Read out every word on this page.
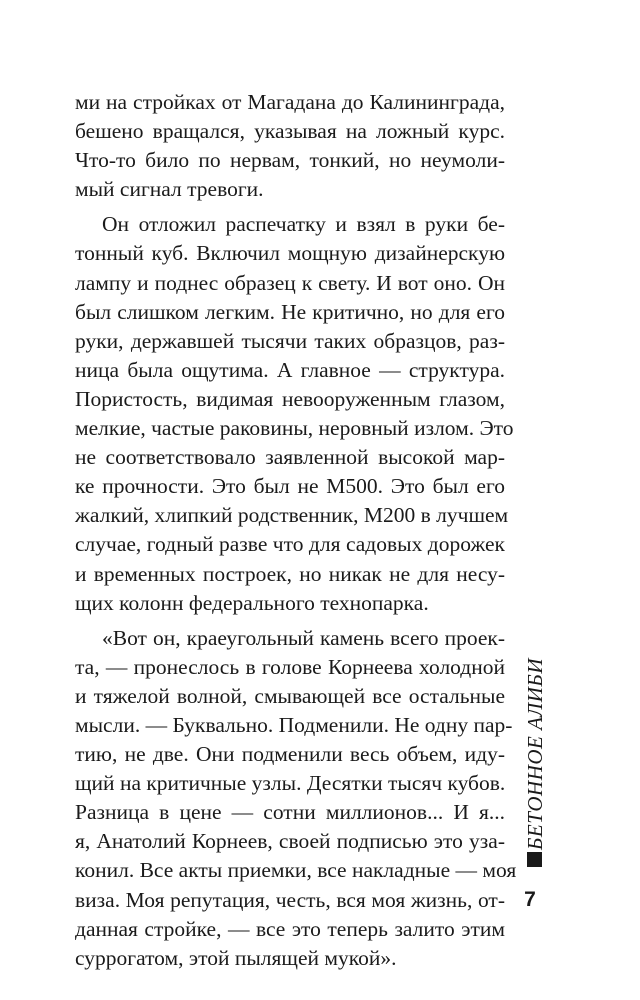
ми на стройках от Магадана до Калининграда,
бешено вращался, указывая на ложный курс.
Что-то било по нервам, тонкий, но неумоли-
мый сигнал тревоги.
Он отложил распечатку и взял в руки бе-
тонный куб. Включил мощную дизайнерскую
лампу и поднес образец к свету. И вот оно. Он
был слишком легким. Не критично, но для его
руки, державшей тысячи таких образцов, раз-
ница была ощутима. А главное — структура.
Пористость, видимая невооруженным глазом,
мелкие, частые раковины, неровный излом. Это
не соответствовало заявленной высокой мар-
ке прочности. Это был не М500. Это был его
жалкий, хлипкий родственник, М200 в лучшем
случае, годный разве что для садовых дорожек
и временных построек, но никак не для несу-
щих колонн федерального технопарка.
«Вот он, краеугольный камень всего проек-
та, — пронеслось в голове Корнеева холодной
и тяжелой волной, смывающей все остальные
мысли. — Буквально. Подменили. Не одну пар-
тию, не две. Они подменили весь объем, иду-
щий на критичные узлы. Десятки тысяч кубов.
Разница в цене — сотни миллионов... И я...
я, Анатолий Корнеев, своей подписью это уза-
конил. Все акты приемки, все накладные — моя
виза. Моя репутация, честь, вся моя жизнь, от-
данная стройке, — все это теперь залито этим
суррогатом, этой пылящей мукой».
БЕТОННОЕ АЛИБИ
7
